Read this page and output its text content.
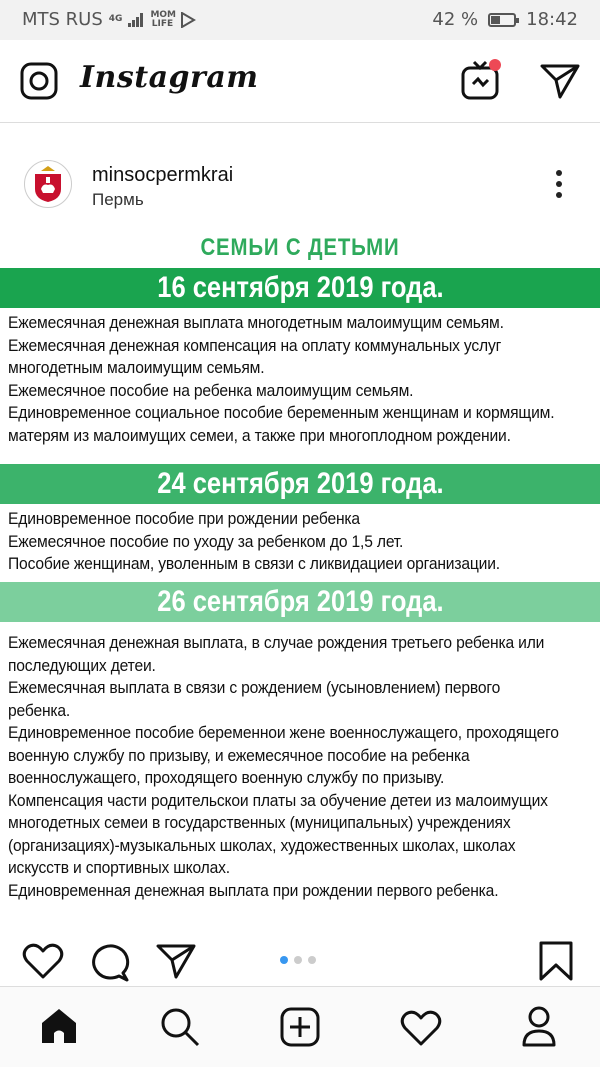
MTS RUS 4G	MOM LIFE	42 %	18:42
Instagram
minsocpermkrai
Пермь
СЕМЬИ С ДЕТЬМИ
16 сентября 2019 года.
Ежемесячная денежная выплата многодетным малоимущим семьям.
Ежемесячная денежная компенсация на оплату коммунальных услуг
многодетным малоимущим семьям.
Ежемесячное пособие на ребенка малоимущим семьям.
Единовременное социальное пособие беременным женщинам и кормящим.
матерям из малоимущих семеи, а также при многоплодном рождении.
24 сентября 2019 года.
Единовременное пособие при рождении ребенка
Ежемесячное пособие по уходу за ребенком до 1,5 лет.
Пособие женщинам, уволенным в связи с ликвидациеи организации.
26 сентября 2019 года.
Ежемесячная денежная выплата, в случае рождения третьего ребенка или
последующих детеи.
Ежемесячная выплата в связи с рождением (усыновлением) первого
ребенка.
Единовременное пособие беременнои жене военнослужащего, проходящего
военную службу по призыву, и ежемесячное пособие на ребенка
военнослужащего, проходящего военную службу по призыву.
Компенсация части родительскои платы за обучение детеи из малоимущих
многодетных семеи в государственных (муниципальных) учреждениях
(организациях)-музыкальных школах, художественных школах, школах
искусств и спортивных школах.
Единовременная денежная выплата при рождении первого ребенка.
